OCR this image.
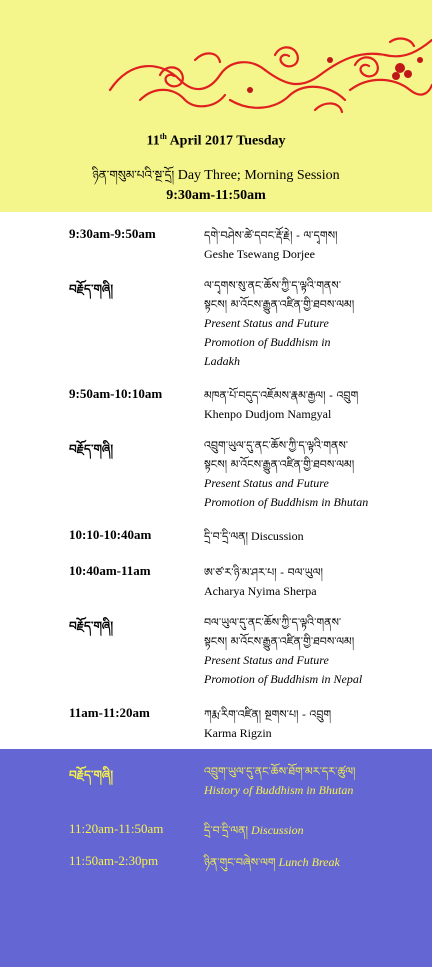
11th April 2017 Tuesday
ཉིན་གསུམ་པའི་སྔ་དྲོ། Day Three; Morning Session
9:30am-11:50am
9:30am-9:50am	དགེ་བཤེས་ཚེ་དབང་རྡོ་རྗེ། - ལ་དྭགས།
Geshe Tsewang Dorjee
བརྗོད་གཞི།	ལ་དྭགས་སུ་ནང་ཆོས་ཀྱི་ད་ལྟའི་གནས་
སྟངས། མ་འོངས་རྒྱུན་འཛིན་གྱི་ཐབས་ལམ།
Present Status and Future
Promotion of Buddhism in
Ladakh
9:50am-10:10am	མཁན་པོ་བདུད་འཇོམས་རྣམ་རྒྱལ། - འབྲུག
Khenpo Dudjom Namgyal
བརྗོད་གཞི།	འབྲུག་ཡུལ་དུ་ནང་ཆོས་ཀྱི་ད་ལྟའི་གནས་
སྟངས། མ་འོངས་རྒྱུན་འཛིན་གྱི་ཐབས་ལམ།
Present Status and Future
Promotion of Buddhism in Bhutan
10:10-10:40am	དྲི་བ་དྲི་ལན། Discussion
10:40am-11am	ཨ་ཙ་ར་ཉི་མ་ཤར་པ། - བལ་ཡུལ།
Acharya Nyima Sherpa
བརྗོད་གཞི།	བལ་ཡུལ་དུ་ནང་ཆོས་ཀྱི་ད་ལྟའི་གནས་
སྟངས། མ་འོངས་རྒྱུན་འཛིན་གྱི་ཐབས་ལམ།
Present Status and Future
Promotion of Buddhism in Nepal
11am-11:20am	ཀརྨ་རིག་འཛིན། སྔགས་པ། - འབྲུག
Karma Rigzin
བརྗོད་གཞི།	འབྲུག་ཡུལ་དུ་ནང་ཆོས་ཐོག་མར་དར་ཚུལ།
History of Buddhism in Bhutan
11:20am-11:50am	དྲི་བ་དྲི་ལན། Discussion
11:50am-2:30pm	ཉིན་གུང་བཞེས་ལག Lunch Break
